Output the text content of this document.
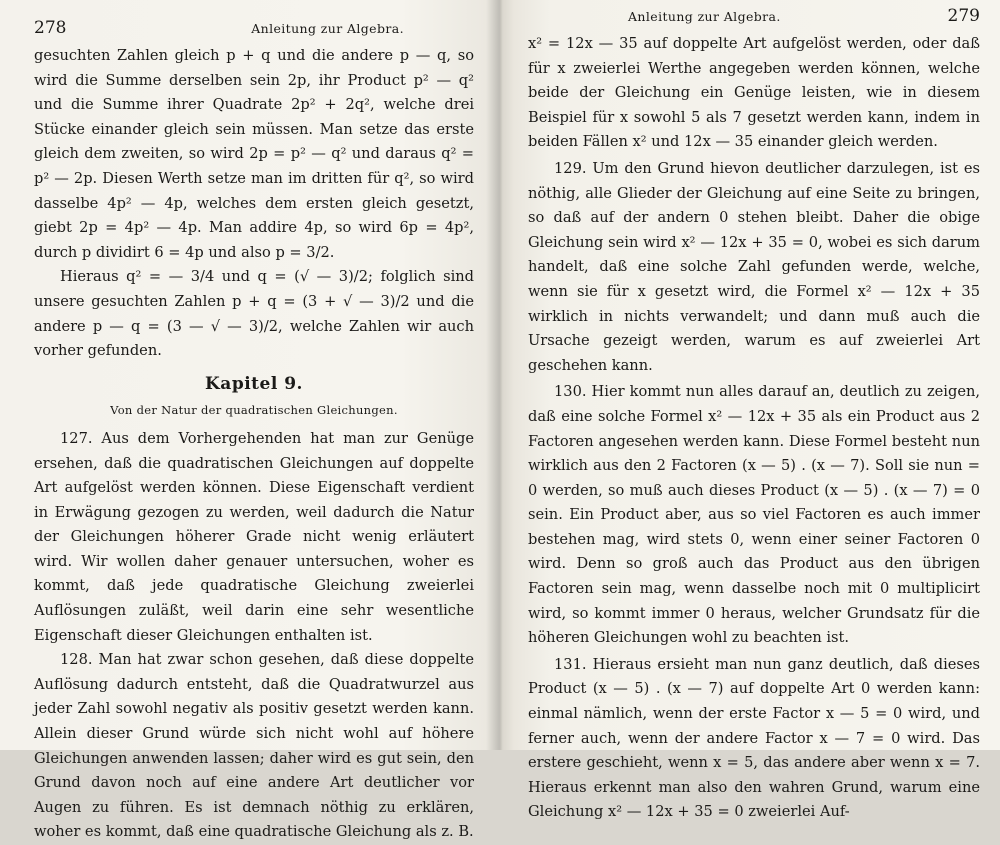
278	Anleitung zur Algebra.

gesuchten Zahlen gleich p + q und die andere p — q, so wird die Summe derselben sein 2p, ihr Product p² — q² und die Summe ihrer Quadrate 2p² + 2q², welche drei Stücke einander gleich sein müssen. Man setze das erste gleich dem zweiten, so wird 2p = p² — q² und daraus q² = p² — 2p. Diesen Werth setze man im dritten für q², so wird dasselbe 4p² — 4p, welches dem ersten gleich gesetzt, giebt 2p = 4p² — 4p. Man addire 4p, so wird 6p = 4p², durch p dividirt 6 = 4p und also p = 3/2.

Hieraus q² = — 3/4 und q = (√ — 3)/2; folglich sind unsere gesuchten Zahlen p + q = (3 + √ — 3)/2 und die andere p — q = (3 — √ — 3)/2, welche Zahlen wir auch vorher gefunden.

Kapitel 9.
Von der Natur der quadratischen Gleichungen.

127. Aus dem Vorhergehenden hat man zur Genüge ersehen, daß die quadratischen Gleichungen auf doppelte Art aufgelöst werden können. Diese Eigenschaft verdient in Erwägung gezogen zu werden, weil dadurch die Natur der Gleichungen höherer Grade nicht wenig erläutert wird. Wir wollen daher genauer untersuchen, woher es kommt, daß jede quadratische Gleichung zweierlei Auflösungen zuläßt, weil darin eine sehr wesentliche Eigenschaft dieser Gleichungen enthalten ist.

128. Man hat zwar schon gesehen, daß diese doppelte Auflösung dadurch entsteht, daß die Quadratwurzel aus jeder Zahl sowohl negativ als positiv gesetzt werden kann. Allein dieser Grund würde sich nicht wohl auf höhere Gleichungen anwenden lassen; daher wird es gut sein, den Grund davon noch auf eine andere Art deutlicher vor Augen zu führen. Es ist demnach nöthig zu erklären, woher es kommt, daß eine quadratische Gleichung als z. B.

Anleitung zur Algebra.	279

x² = 12x — 35 auf doppelte Art aufgelöst werden, oder daß für x zweierlei Werthe angegeben werden können, welche beide der Gleichung ein Genüge leisten, wie in diesem Beispiel für x sowohl 5 als 7 gesetzt werden kann, indem in beiden Fällen x² und 12x — 35 einander gleich werden.

129. Um den Grund hievon deutlicher darzulegen, ist es nöthig, alle Glieder der Gleichung auf eine Seite zu bringen, so daß auf der andern 0 stehen bleibt. Daher die obige Gleichung sein wird x² — 12x + 35 = 0, wobei es sich darum handelt, daß eine solche Zahl gefunden werde, welche, wenn sie für x gesetzt wird, die Formel x² — 12x + 35 wirklich in nichts verwandelt; und dann muß auch die Ursache gezeigt werden, warum es auf zweierlei Art geschehen kann.

130. Hier kommt nun alles darauf an, deutlich zu zeigen, daß eine solche Formel x² — 12x + 35 als ein Product aus 2 Factoren angesehen werden kann. Diese Formel besteht nun wirklich aus den 2 Factoren (x — 5) . (x — 7). Soll sie nun = 0 werden, so muß auch dieses Product (x — 5) . (x — 7) = 0 sein. Ein Product aber, aus so viel Factoren es auch immer bestehen mag, wird stets 0, wenn einer seiner Factoren 0 wird. Denn so groß auch das Product aus den übrigen Factoren sein mag, wenn dasselbe noch mit 0 multiplicirt wird, so kommt immer 0 heraus, welcher Grundsatz für die höheren Gleichungen wohl zu beachten ist.

131. Hieraus ersieht man nun ganz deutlich, daß dieses Product (x — 5) . (x — 7) auf doppelte Art 0 werden kann: einmal nämlich, wenn der erste Factor x — 5 = 0 wird, und ferner auch, wenn der andere Factor x — 7 = 0 wird. Das erstere geschieht, wenn x = 5, das andere aber wenn x = 7. Hieraus erkennt man also den wahren Grund, warum eine Gleichung x² — 12x + 35 = 0 zweierlei Auf-
